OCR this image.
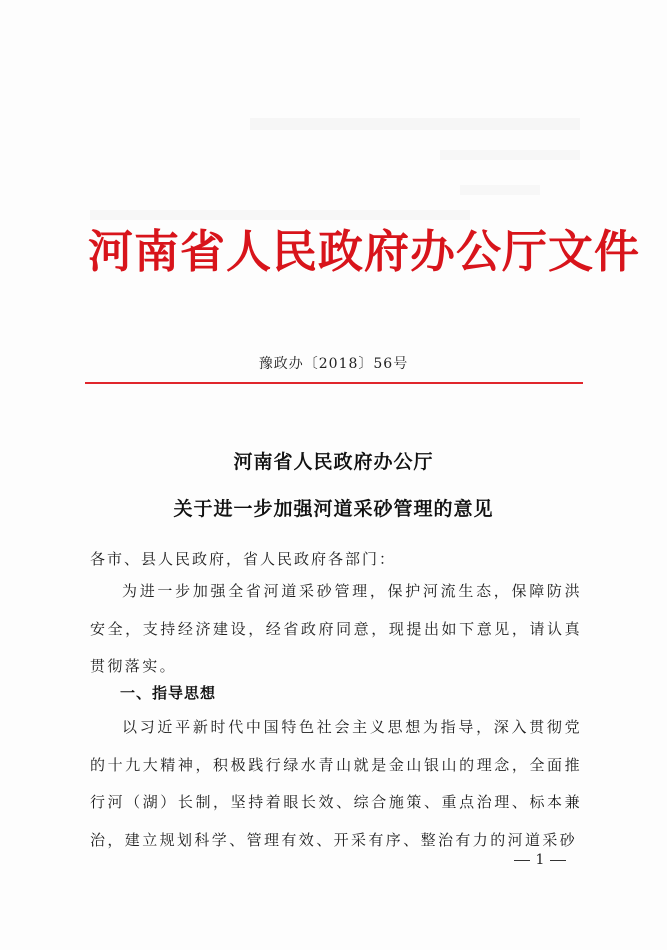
河南省人民政府办公厅文件
豫政办〔2018〕56号
河南省人民政府办公厅
关于进一步加强河道采砂管理的意见
各市、县人民政府，省人民政府各部门：
为进一步加强全省河道采砂管理，保护河流生态，保障防洪安全，支持经济建设，经省政府同意，现提出如下意见，请认真贯彻落实。
一、指导思想
以习近平新时代中国特色社会主义思想为指导，深入贯彻党的十九大精神，积极践行绿水青山就是金山银山的理念，全面推行河（湖）长制，坚持着眼长效、综合施策、重点治理、标本兼治，建立规划科学、管理有效、开采有序、整治有力的河道采砂
1
